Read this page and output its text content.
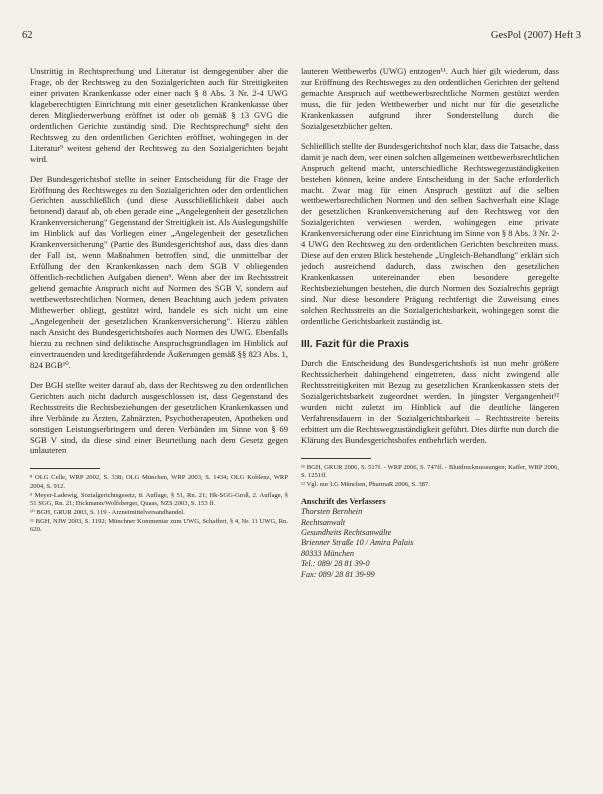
62	GesPol (2007) Heft 3

Unstrittig in Rechtsprechung und Literatur ist demgegenüber aber die Frage, ob der Rechtsweg zu den Sozialgerichten auch für Streitigkeiten einer privaten Krankenkasse oder einer nach § 8 Abs. 3 Nr. 2-4 UWG klageberechtigten Einrichtung mit einer gesetzlichen Krankenkasse über deren Mitgliederwerbung eröffnet ist oder ob gemäß § 13 GVG die ordentlichen Gerichte zuständig sind. Die Rechtsprechung⁸ sieht den Rechtsweg zu den ordentlichen Gerichten eröffnet, wohingegen in der Literatur⁹ weitest gehend der Rechtsweg zu den Sozialgerichten bejaht wird.

Der Bundesgerichtshof stellte in seiner Entscheidung für die Frage der Eröffnung des Rechtsweges zu den Sozialgerichten oder den ordentlichen Gerichten ausschließlich (und diese Ausschließlichkeit dabei auch betonend) darauf ab, ob eben gerade eine „Angelegenheit der gesetzlichen Krankenversicherung" Gegenstand der Streitigkeit ist. Als Auslegungshilfe im Hinblick auf das Vorliegen einer „Angelegenheit der gesetzlichen Krankenversicherung" (Partie des Bundesgerichtshof aus, dass dies dann der Fall ist, wenn Maßnahmen betroffen sind, die unmittelbar der Erfüllung der den Krankenkassen nach dem SGB V obliegenden öffentlich-rechtlichen Aufgaben dienen⁶. Wenn aber der im Rechtsstreit geltend gemachte Anspruch nicht auf Normen des SGB V, sondern auf wettbewerbsrechtlichen Normen, denen Beachtung auch jedem privaten Mitbewerber obliegt, gestützt wird, handele es sich nicht um eine „Angelegenheit der gesetzlichen Krankenversicherung". Hierzu zählen nach Ansicht des Bundesgerichtshofes auch Normen des UWG. Ebenfalls hierzu zu rechnen sind deliktische Anspruchsgrundlagen im Hinblick auf einvertrauenden und kreditgefährdende Äußerungen gemäß §§ 823 Abs. 1, 824 BGB¹⁰.

Der BGH stellte weiter darauf ab, dass der Rechtsweg zu den ordentlichen Gerichten auch nicht dadurch ausgeschlossen ist, dass Gegenstand des Rechtsstreits die Rechtsbeziehungen der gesetzlichen Krankenkassen und ihre Verbände zu Ärzten, Zahnärzten, Psychotherapeuten, Apotheken und sonstigen Leistungserbringern und deren Verbänden im Sinne von § 69 SGB V sind, da diese sind einer Beurteilung nach dem Gesetz gegen unlauteren

⁸ OLG Celle, WRP 2002, S. 338; OLG München, WRP 2003, S. 1434; OLG Koblenz, WRP 2004, S. 912.

⁹ Meyer-Ladewig, Sozialgerichtsgesetz, 8. Auflage, § 51, Rn. 21; Hk-SGG-Groß, 2. Auflage, § 51 SGG, Rn. 21; Dickmann/Wolfsberger, Quaas, NZS 2003, S. 153 ff.

¹⁰ BGH, GRUR 2003, S. 119 - Arzneimittelversandhandel.

¹¹ BGH, NJW 2003, S. 1192; Münchner Kommentar zum UWG, Schaffert, § 4, Nr. 11 UWG, Rn. 620.

lauteren Wettbewerbs (UWG) entzogen¹¹. Auch hier gilt wiederum, dass zur Eröffnung des Rechtsweges zu den ordentlichen Gerichten der geltend gemachte Anspruch auf wettbewerbsrechtliche Normen gestützt werden muss, die für jeden Wettbewerber und nicht nur für die gesetzliche Krankenkassen aufgrund ihrer Sonderstellung durch die Sozialgesetzbücher gelten.

Schließlich stellte der Bundesgerichtshof noch klar, dass die Tatsache, dass damit je nach dem, wer einen solchen allgemeinen wettbewerbsrechtlichen Anspruch geltend macht, unterschiedliche Rechtswegezuständigkeiten bestehen können, keine andere Entscheidung in der Sache erforderlich macht. Zwar mag für einen Anspruch gestützt auf die selben wettbewerbsrechtlichen Normen und den selben Sachverhalt eine Klage der gesetzlichen Krankenversicherung auf den Rechtsweg vor den Sozialgerichten verwiesen werden, wohingegen eine private Krankenversicherung oder eine Einrichtung im Sinne von § 8 Abs. 3 Nr. 2-4 UWG den Rechtsweg zu den ordentlichen Gerichten beschreiten muss. Diese auf den ersten Blick bestehende „Ungleich-Behandlung" erklärt sich jedoch ausreichend dadurch, dass zwischen den gesetzlichen Krankenkassen untereinander eben besondere geregelte Rechtsbeziehungen bestehen, die durch Normen des Sozialrechts geprägt sind. Nur diese besondere Prägung rechtfertigt die Zuweisung eines solchen Rechtsstreits an die Sozialgerichtsbarkeit, wohingegen sonst die ordentliche Gerichtsbarkeit zuständig ist.

III. Fazit für die Praxis

Durch die Entscheidung des Bundesgerichtshofs ist nun mehr größere Rechtssicherheit dahingehend eingetreten, dass nicht zwingend alle Rechtsstreitigkeiten mit Bezug zu gesetzlichen Krankenkassen stets der Sozialgerichtsbarkeit zugeordnet werden. In jüngster Vergangenheit¹² wurden nicht zuletzt im Hinblick auf die deutliche längeren Verfahrensdauern in der Sozialgerichtsbarkeit – Rechtsstreite bereits erbittert um die Rechtswegzuständigkeit geführt. Dies dürfte nun durch die Klärung des Bundesgerichtshofes entbehrlich werden.

¹¹ BGH, GRUR 2006, S. 517f. - WRP 2006, S. 747ff. - Blutdruckmessungen; Kaffer, WRP 2006, S. 1251ff.

¹² Vgl. nur LG München, PharmaR 2006, S. 387.

Anschrift des Verfassers
Thorsten Bernhein
Rechtsanwalt
Gesundheits Rechtsanwälte
Brienner Straße 10 / Amira Palais
80333 München
Tel.: 089/ 28 81 39-0
Fax: 089/ 28 81 39-99
